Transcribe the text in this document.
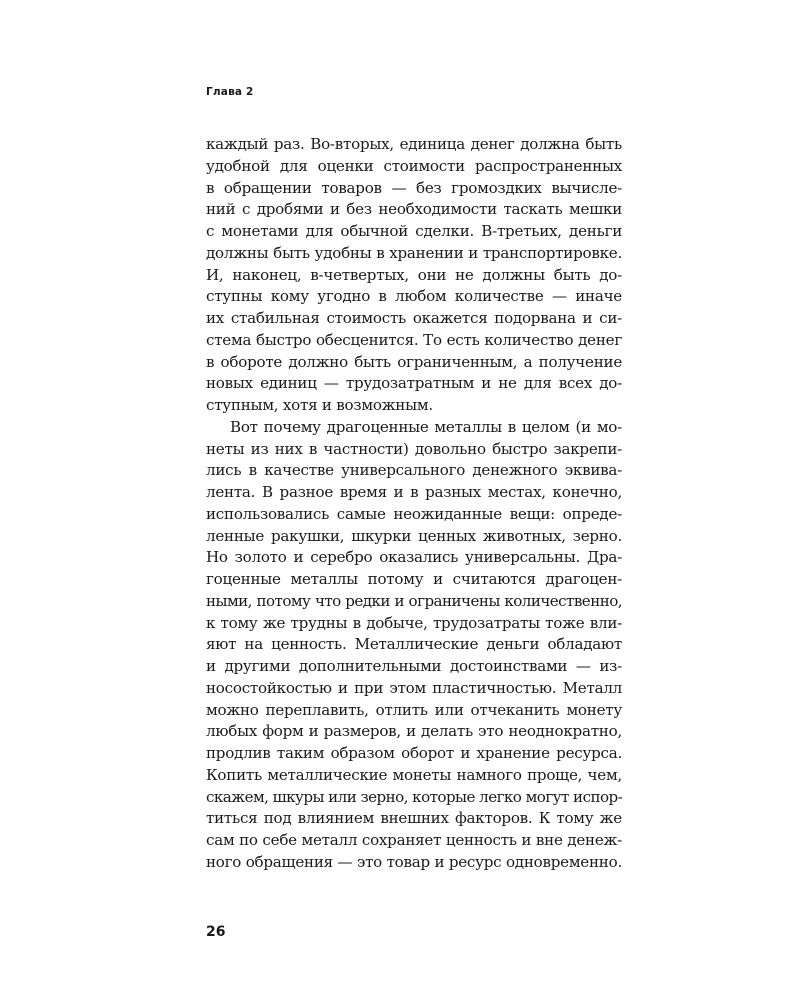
Глава 2
каждый раз. Во-вторых, единица денег должна быть
удобной для оценки стоимости распространенных
в обращении товаров — без громоздких вычисле-
ний с дробями и без необходимости таскать мешки
с монетами для обычной сделки. В-третьих, деньги
должны быть удобны в хранении и транспортировке.
И, наконец, в-четвертых, они не должны быть до-
ступны кому угодно в любом количестве — иначе
их стабильная стоимость окажется подорвана и си-
стема быстро обесценится. То есть количество денег
в обороте должно быть ограниченным, а получение
новых единиц — трудозатратным и не для всех до-
ступным, хотя и возможным.
Вот почему драгоценные металлы в целом (и мо-
неты из них в частности) довольно быстро закрепи-
лись в качестве универсального денежного эквива-
лента. В разное время и в разных местах, конечно,
использовались самые неожиданные вещи: опреде-
ленные ракушки, шкурки ценных животных, зерно.
Но золото и серебро оказались универсальны. Дра-
гоценные металлы потому и считаются драгоцен-
ными, потому что редки и ограничены количественно,
к тому же трудны в добыче, трудозатраты тоже вли-
яют на ценность. Металлические деньги обладают
и другими дополнительными достоинствами — из-
носостойкостью и при этом пластичностью. Металл
можно переплавить, отлить или отчеканить монету
любых форм и размеров, и делать это неоднократно,
продлив таким образом оборот и хранение ресурса.
Копить металлические монеты намного проще, чем,
скажем, шкуры или зерно, которые легко могут испор-
титься под влиянием внешних факторов. К тому же
сам по себе металл сохраняет ценность и вне денеж-
ного обращения — это товар и ресурс одновременно.
26
